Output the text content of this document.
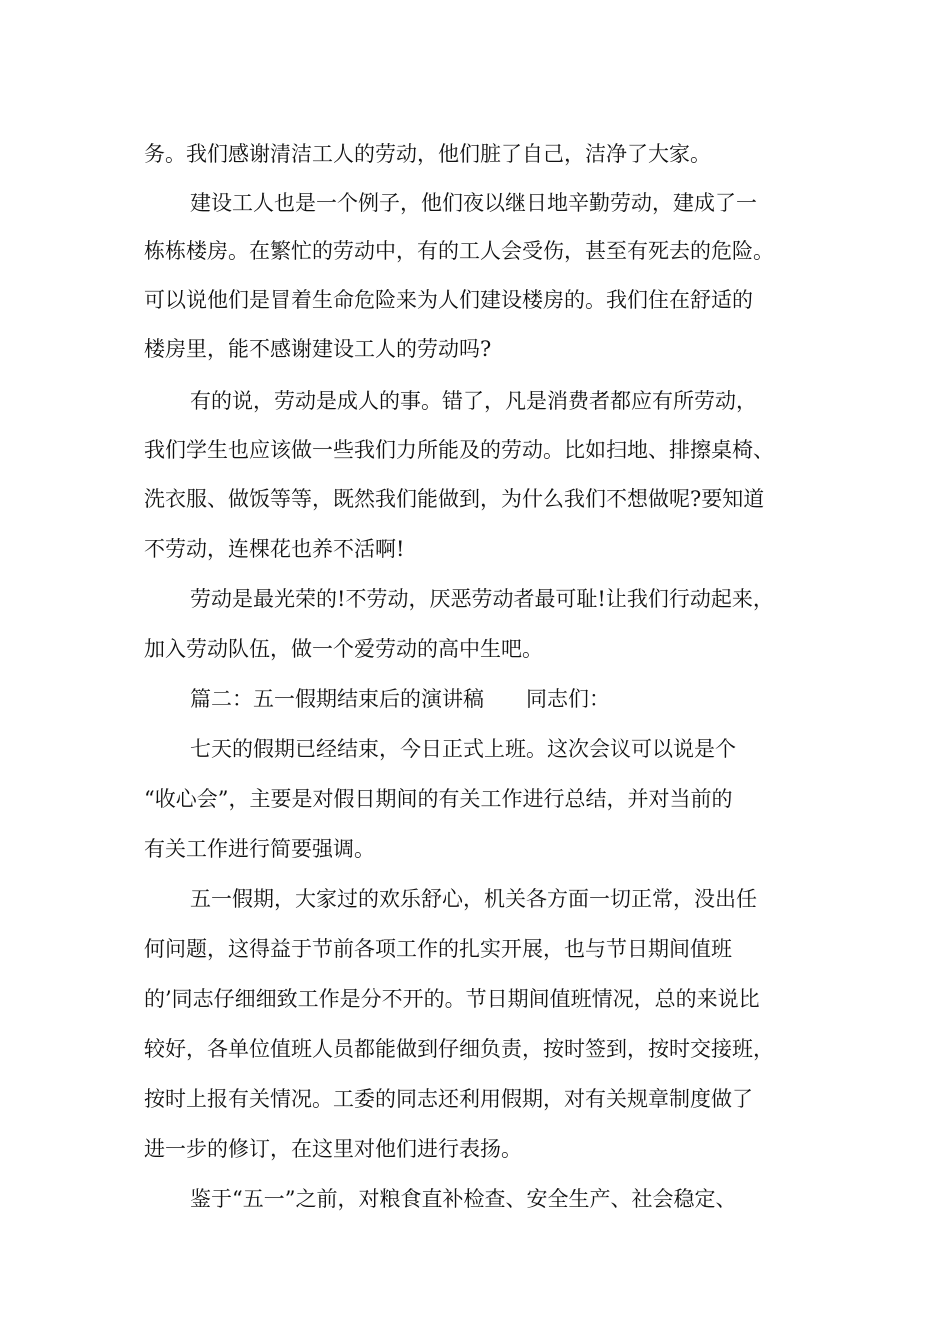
务。我们感谢清洁工人的劳动，他们脏了自己，洁净了大家。
建设工人也是一个例子，他们夜以继日地辛勤劳动，建成了一
栋栋楼房。在繁忙的劳动中，有的工人会受伤，甚至有死去的危险。
可以说他们是冒着生命危险来为人们建设楼房的。我们住在舒适的
楼房里，能不感谢建设工人的劳动吗?
有的说，劳动是成人的事。错了，凡是消费者都应有所劳动，
我们学生也应该做一些我们力所能及的劳动。比如扫地、排擦桌椅、
洗衣服、做饭等等，既然我们能做到，为什么我们不想做呢?要知道
不劳动，连棵花也养不活啊!
劳动是最光荣的!不劳动，厌恶劳动者最可耻!让我们行动起来，
加入劳动队伍，做一个爱劳动的高中生吧。
篇二：五一假期结束后的演讲稿　　同志们：
七天的假期已经结束，今日正式上班。这次会议可以说是个
“收心会”，主要是对假日期间的有关工作进行总结，并对当前的
有关工作进行简要强调。
五一假期，大家过的欢乐舒心，机关各方面一切正常，没出任
何问题，这得益于节前各项工作的扎实开展，也与节日期间值班
的’同志仔细细致工作是分不开的。节日期间值班情况，总的来说比
较好，各单位值班人员都能做到仔细负责，按时签到，按时交接班，
按时上报有关情况。工委的同志还利用假期，对有关规章制度做了
进一步的修订，在这里对他们进行表扬。
鉴于“五一”之前，对粮食直补检查、安全生产、社会稳定、
